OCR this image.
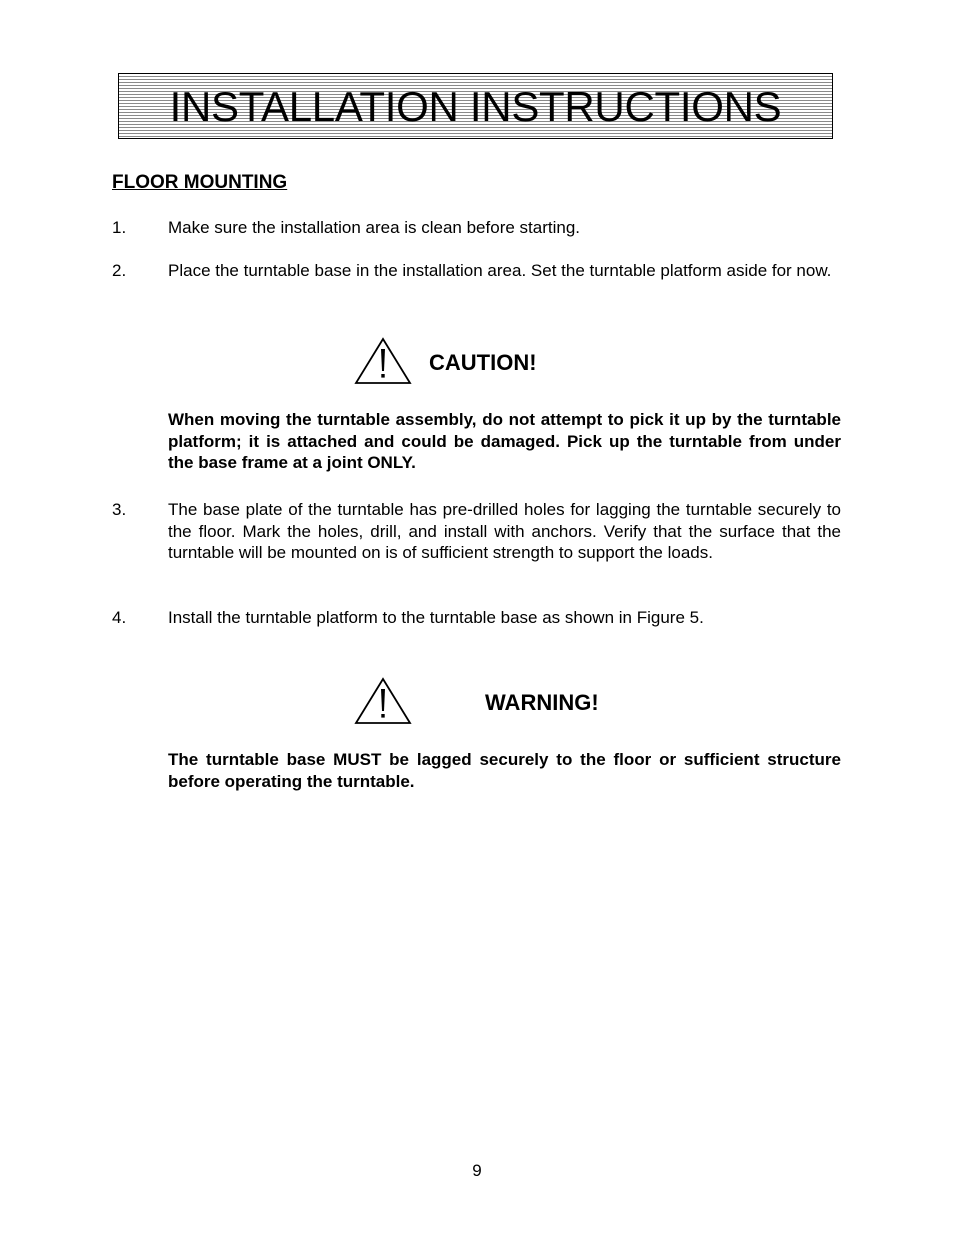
INSTALLATION INSTRUCTIONS
FLOOR MOUNTING
1. Make sure the installation area is clean before starting.
2. Place the turntable base in the installation area. Set the turntable platform aside for now.
CAUTION!
When moving the turntable assembly, do not attempt to pick it up by the turntable platform; it is attached and could be damaged. Pick up the turntable from under the base frame at a joint ONLY.
3. The base plate of the turntable has pre-drilled holes for lagging the turntable securely to the floor. Mark the holes, drill, and install with anchors. Verify that the surface that the turntable will be mounted on is of sufficient strength to support the loads.
4. Install the turntable platform to the turntable base as shown in Figure 5.
WARNING!
The turntable base MUST be lagged securely to the floor or sufficient structure before operating the turntable.
9
